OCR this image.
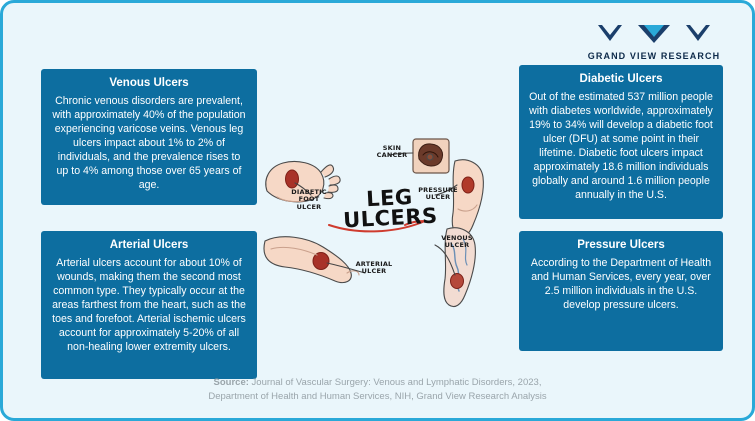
GRAND VIEW RESEARCH
Venous Ulcers
Chronic venous disorders are prevalent, with approximately 40% of the population experiencing varicose veins. Venous leg ulcers impact about 1% to 2% of individuals, and the prevalence rises to up to 4% among those over 65 years of age.
Arterial Ulcers
Arterial ulcers account for about 10% of wounds, making them the second most common type. They typically occur at the areas farthest from the heart, such as the toes and forefoot. Arterial ischemic ulcers account for approximately 5-20% of all non-healing lower extremity ulcers.
Diabetic Ulcers
Out of the estimated 537 million people with diabetes worldwide, approximately 19% to 34% will develop a diabetic foot ulcer (DFU) at some point in their lifetime. Diabetic foot ulcers impact approximately 18.6 million individuals globally and around 1.6 million people annually in the U.S.
Pressure Ulcers
According to the Department of Health and Human Services, every year, over 2.5 million individuals in the U.S. develop pressure ulcers.
LEG
ULCERS
SKIN
CANCER
DIABETIC
FOOT
ULCER
PRESSURE
ULCER
VENOUS
ULCER
ARTERIAL
ULCER
Source: Journal of Vascular Surgery: Venous and Lymphatic Disorders, 2023,
Department of Health and Human Services, NIH, Grand View Research Analysis
